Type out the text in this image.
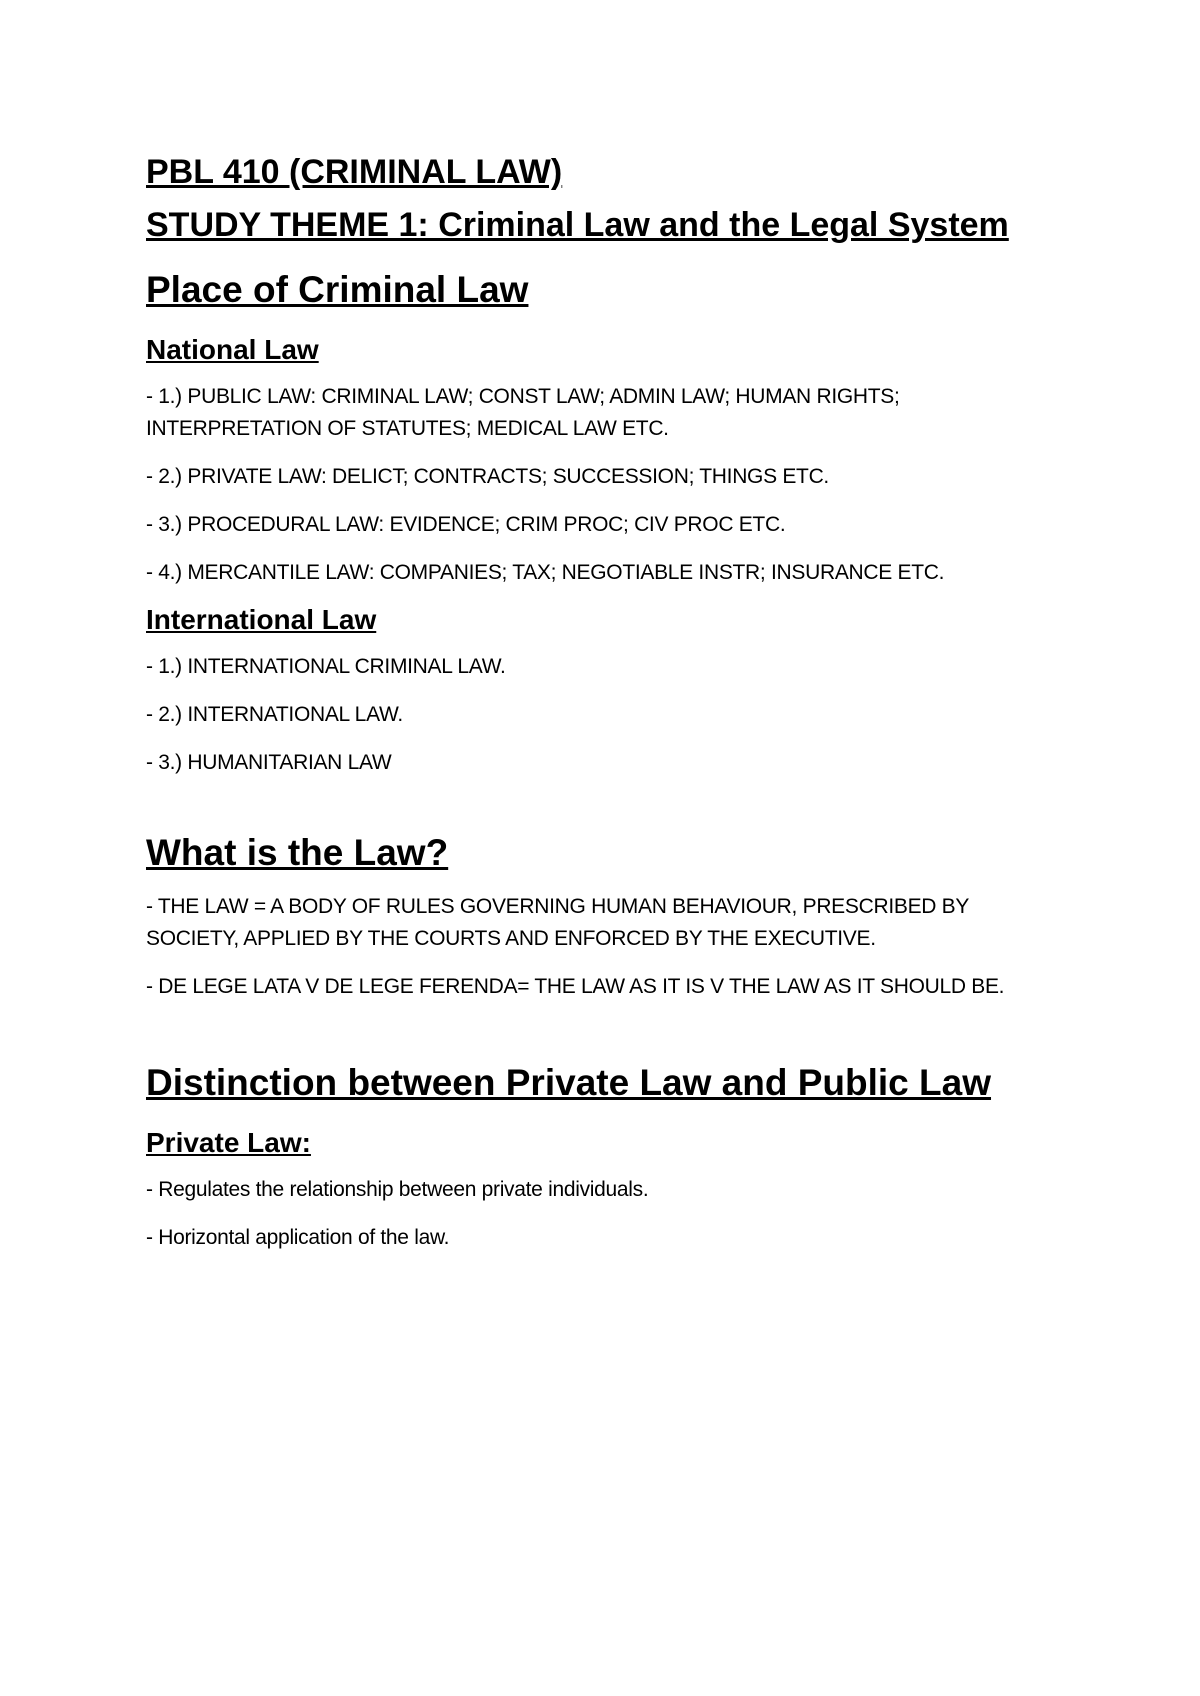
PBL 410 (CRIMINAL LAW)
STUDY THEME 1: Criminal Law and the Legal System
Place of Criminal Law
National Law
- 1.) PUBLIC LAW: CRIMINAL LAW; CONST LAW; ADMIN LAW; HUMAN RIGHTS; INTERPRETATION OF STATUTES; MEDICAL LAW ETC.
- 2.) PRIVATE LAW: DELICT; CONTRACTS; SUCCESSION; THINGS ETC.
- 3.) PROCEDURAL LAW: EVIDENCE; CRIM PROC; CIV PROC ETC.
- 4.) MERCANTILE LAW: COMPANIES; TAX; NEGOTIABLE INSTR; INSURANCE ETC.
International Law
- 1.) INTERNATIONAL CRIMINAL LAW.
- 2.) INTERNATIONAL LAW.
- 3.) HUMANITARIAN LAW
What is the Law?
- THE LAW = A BODY OF RULES GOVERNING HUMAN BEHAVIOUR, PRESCRIBED BY SOCIETY, APPLIED BY THE COURTS AND ENFORCED BY THE EXECUTIVE.
- DE LEGE LATA V DE LEGE FERENDA= THE LAW AS IT IS V THE LAW AS IT SHOULD BE.
Distinction between Private Law and Public Law
Private Law:
- Regulates the relationship between private individuals.
- Horizontal application of the law.
